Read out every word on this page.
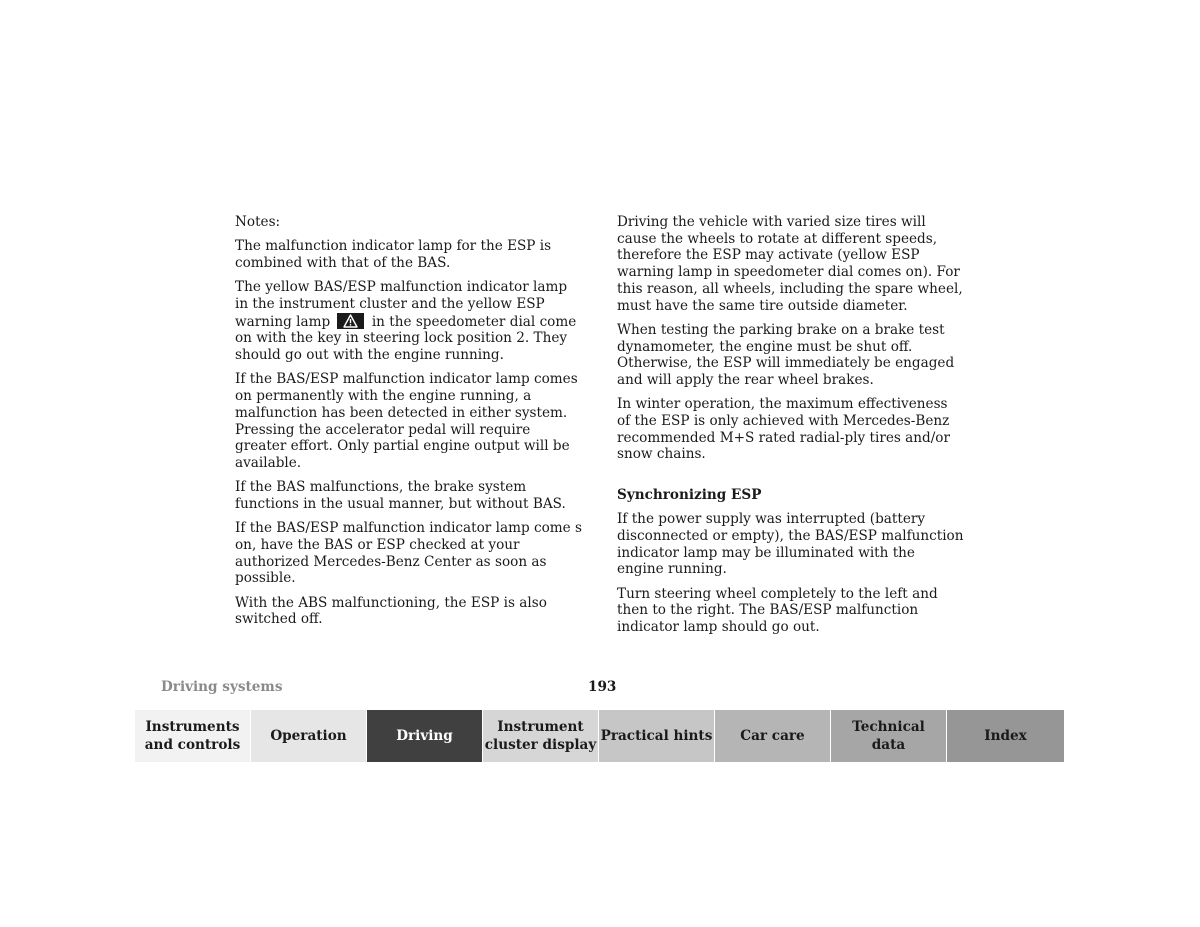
Notes:

The malfunction indicator lamp for the ESP is combined with that of the BAS.

The yellow BAS/ESP malfunction indicator lamp in the instrument cluster and the yellow ESP warning lamp	in the speedometer dial come on with the key in steering lock position 2. They should go out with the engine running.

If the BAS/ESP malfunction indicator lamp comes on permanently with the engine running, a malfunction has been detected in either system. Pressing the accelerator pedal will require greater effort. Only partial engine output will be available.

If the BAS malfunctions, the brake system functions in the usual manner, but without BAS.

If the BAS/ESP malfunction indicator lamp come s on, have the BAS or ESP checked at your authorized Mercedes-Benz Center as soon as possible.

With the ABS malfunctioning, the ESP is also switched off.

Driving the vehicle with varied size tires will cause the wheels to rotate at different speeds, therefore the ESP may activate (yellow ESP warning lamp in speedometer dial comes on). For this reason, all wheels, including the spare wheel, must have the same tire outside diameter.

When testing the parking brake on a brake test dynamometer, the engine must be shut off. Otherwise, the ESP will immediately be engaged and will apply the rear wheel brakes.

In winter operation, the maximum effectiveness of the ESP is only achieved with Mercedes-Benz recommended M+S rated radial-ply tires and/or snow chains.

Synchronizing ESP

If the power supply was interrupted (battery disconnected or empty), the BAS/ESP malfunction indicator lamp may be illuminated with the engine running.

Turn steering wheel completely to the left and then to the right. The BAS/ESP malfunction indicator lamp should go out.

Driving systems	193
Instruments
and controls
Operation	Driving
Instrument
cluster display
Practical hints	Car care
Technical
data
Index
